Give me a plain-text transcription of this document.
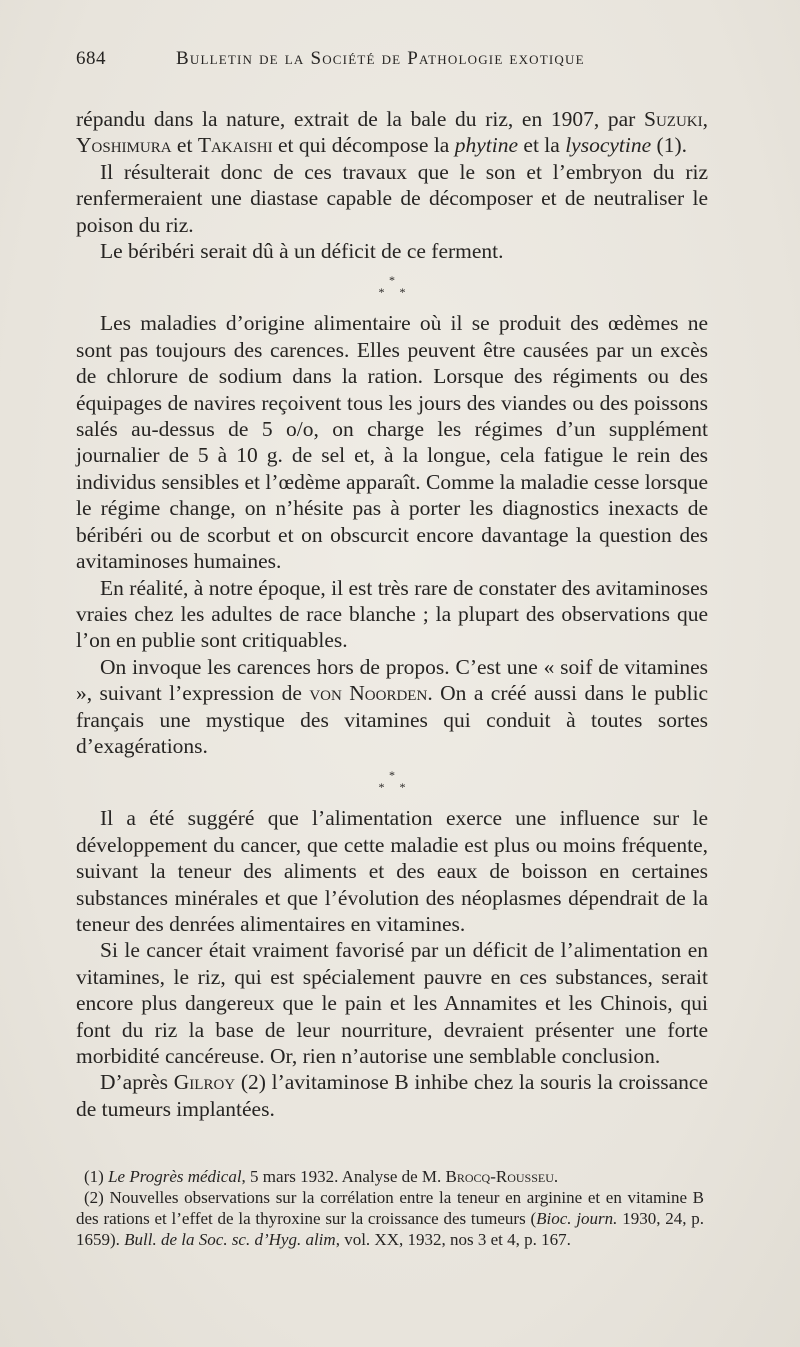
684	Bulletin de la Société de Pathologie exotique

répandu dans la nature, extrait de la bale du riz, en 1907, par Suzuki, Yoshimura et Takaishi et qui décompose la phytine et la lysocytine (1).

Il résulterait donc de ces travaux que le son et l’embryon du riz renfermeraient une diastase capable de décomposer et de neutraliser le poison du riz.

Le béribéri serait dû à un déficit de ce ferment.

*
* *

Les maladies d’origine alimentaire où il se produit des œdèmes ne sont pas toujours des carences. Elles peuvent être causées par un excès de chlorure de sodium dans la ration. Lorsque des régiments ou des équipages de navires reçoivent tous les jours des viandes ou des poissons salés au-dessus de 5 o/o, on charge les régimes d’un supplément journalier de 5 à 10 g. de sel et, à la longue, cela fatigue le rein des individus sensibles et l’œdème apparaît. Comme la maladie cesse lorsque le régime change, on n’hésite pas à porter les diagnostics inexacts de béribéri ou de scorbut et on obscurcit encore davantage la question des avitaminoses humaines.

En réalité, à notre époque, il est très rare de constater des avitaminoses vraies chez les adultes de race blanche ; la plupart des observations que l’on en publie sont critiquables.

On invoque les carences hors de propos. C’est une « soif de vitamines », suivant l’expression de von Noorden. On a créé aussi dans le public français une mystique des vitamines qui conduit à toutes sortes d’exagérations.

*
* *

Il a été suggéré que l’alimentation exerce une influence sur le développement du cancer, que cette maladie est plus ou moins fréquente, suivant la teneur des aliments et des eaux de boisson en certaines substances minérales et que l’évolution des néoplasmes dépendrait de la teneur des denrées alimentaires en vitamines.

Si le cancer était vraiment favorisé par un déficit de l’alimentation en vitamines, le riz, qui est spécialement pauvre en ces substances, serait encore plus dangereux que le pain et les Annamites et les Chinois, qui font du riz la base de leur nourriture, devraient présenter une forte morbidité cancéreuse. Or, rien n’autorise une semblable conclusion.

D’après Gilroy (2) l’avitaminose B inhibe chez la souris la croissance de tumeurs implantées.

(1) Le Progrès médical, 5 mars 1932. Analyse de M. Brocq-Rousseu.

(2) Nouvelles observations sur la corrélation entre la teneur en arginine et en vitamine B des rations et l’effet de la thyroxine sur la croissance des tumeurs (Bioc. journ. 1930, 24, p. 1659). Bull. de la Soc. sc. d’Hyg. alim, vol. XX, 1932, nos 3 et 4, p. 167.
